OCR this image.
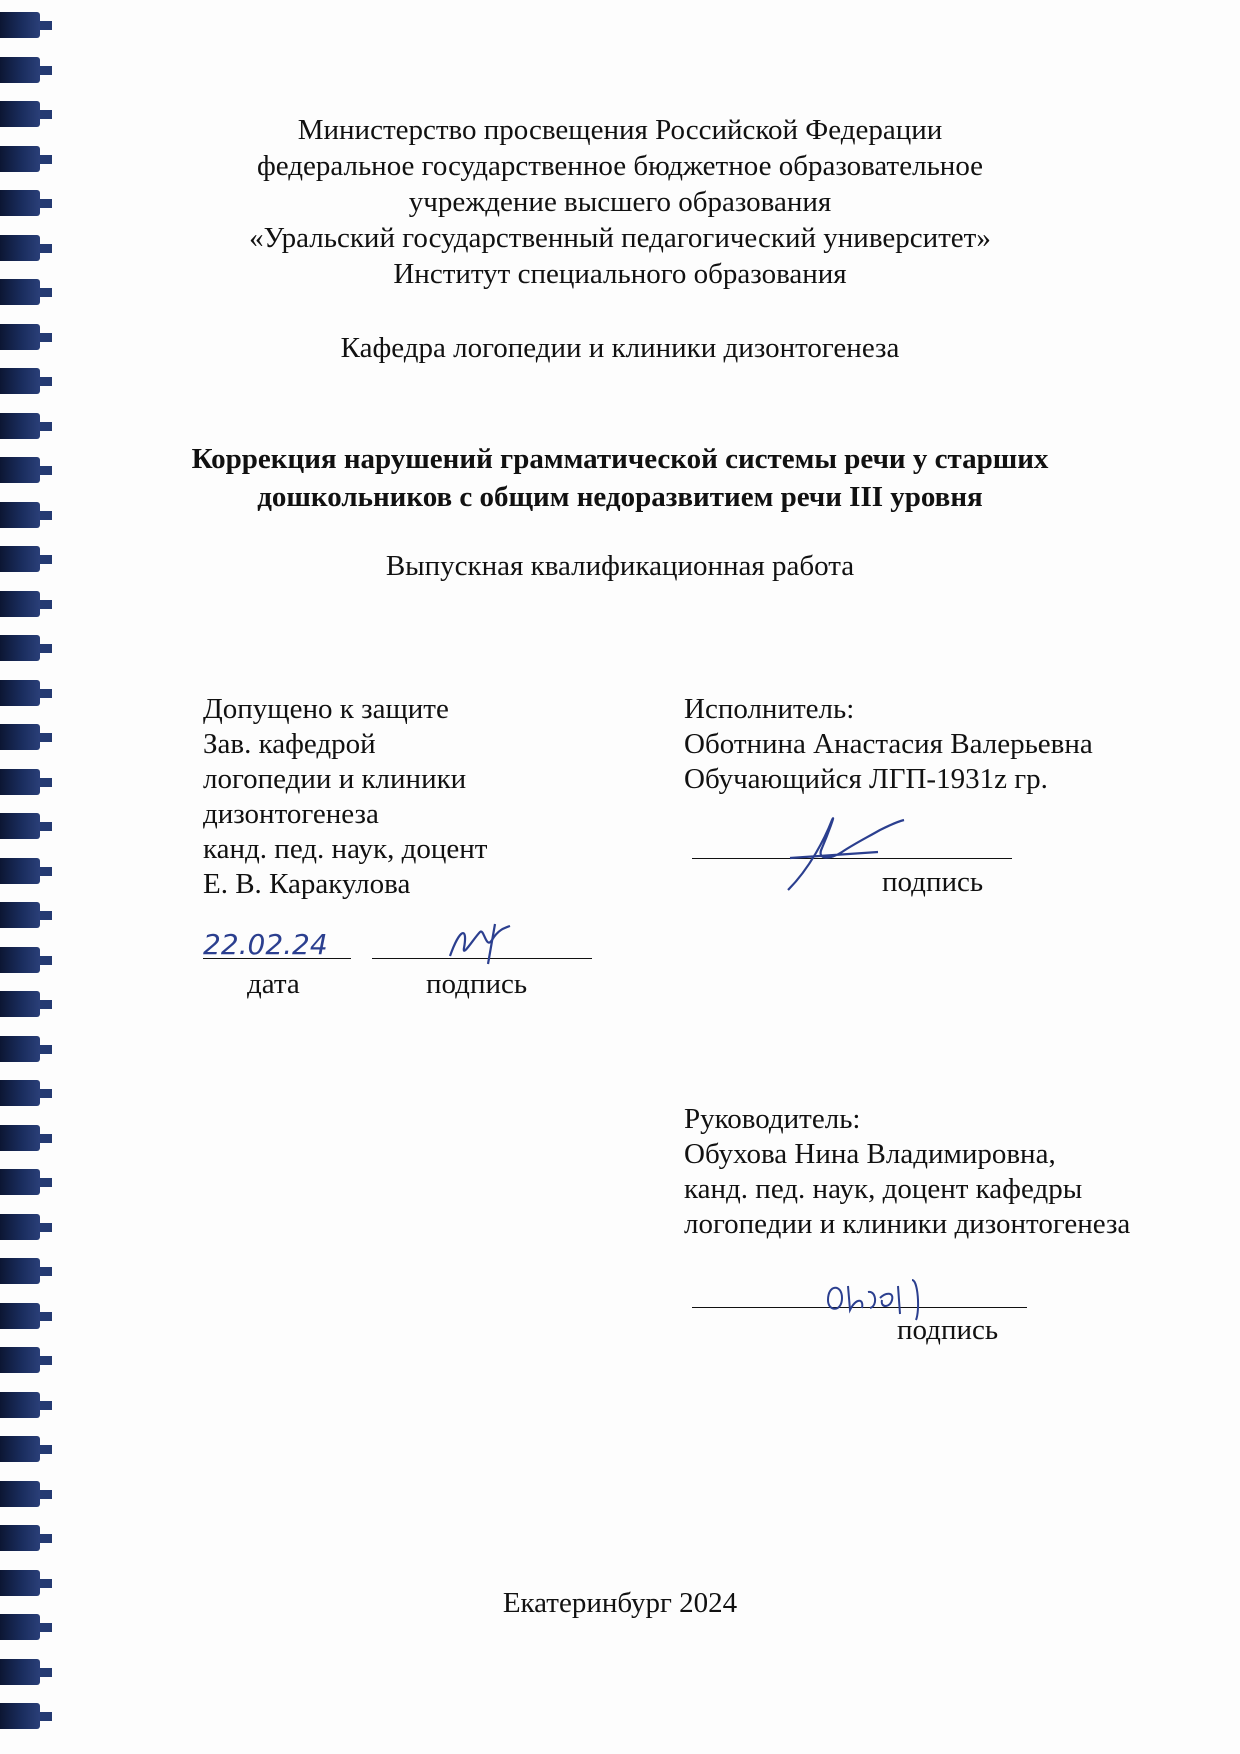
Министерство просвещения Российской Федерации
федеральное государственное бюджетное образовательное
учреждение высшего образования
«Уральский государственный педагогический университет»
Институт специального образования
Кафедра логопедии и клиники дизонтогенеза
Коррекция нарушений грамматической системы речи у старших
дошкольников с общим недоразвитием речи III уровня
Выпускная квалификационная работа
Допущено к защите
Зав. кафедрой
логопедии и клиники
дизонтогенеза
канд. пед. наук, доцент
Е. В. Каракулова
22.02.24
дата	подпись
Исполнитель:
Оботнина Анастасия Валерьевна
Обучающийся ЛГП-1931z гр.
подпись
Руководитель:
Обухова Нина Владимировна,
канд. пед. наук, доцент кафедры
логопедии и клиники дизонтогенеза
подпись
Екатеринбург 2024
